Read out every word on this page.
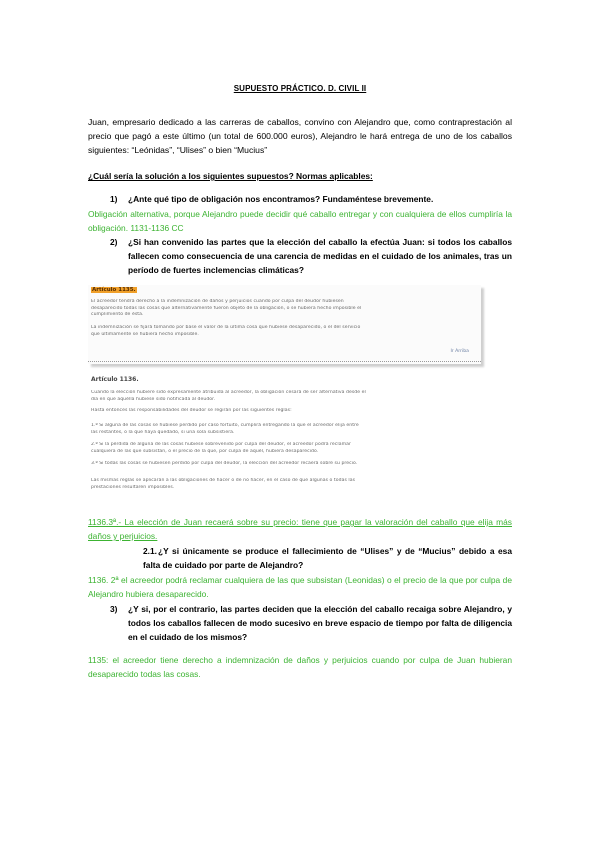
SUPUESTO PRÁCTICO. D. CIVIL II
Juan, empresario dedicado a las carreras de caballos, convino con Alejandro que, como contraprestación al precio que pagó a este último (un total de 600.000 euros), Alejandro le hará entrega de uno de los caballos siguientes: “Leónidas”, “Ulises” o bien “Mucius”
¿Cuál sería la solución a los siguientes supuestos? Normas aplicables:
1)	¿Ante qué tipo de obligación nos encontramos? Fundaméntese brevemente.
Obligación alternativa, porque Alejandro puede decidir qué caballo entregar y con cualquiera de ellos cumpliría la obligación. 1131-1136 CC
2)	¿Si han convenido las partes que la elección del caballo la efectúa Juan: si todos los caballos fallecen como consecuencia de una carencia de medidas en el cuidado de los animales, tras un período de fuertes inclemencias climáticas?
Artículo 1135.
El acreedor tendrá derecho a la indemnización de daños y perjuicios cuando por culpa del deudor hubiesen
desaparecido todas las cosas que alternativamente fueron objeto de la obligación, o se hubiera hecho imposible el
cumplimiento de ésta.
La indemnización se fijará tomando por base el valor de la última cosa que hubiese desaparecido, o el del servicio
que últimamente se hubiera hecho imposible.
Ir Arriba
Artículo 1136.
Cuando la elección hubiere sido expresamente atribuida al acreedor, la obligación cesará de ser alternativa desde el
día en que aquélla hubiese sido notificada al deudor.
Hasta entonces las responsabilidades del deudor se regirán por las siguientes reglas:
1.ª Si alguna de las cosas se hubiese perdido por caso fortuito, cumplirá entregando la que el acreedor elija entre
las restantes, o la que haya quedado, si una sola subsistiera.
2.ª Si la pérdida de alguna de las cosas hubiese sobrevenido por culpa del deudor, el acreedor podrá reclamar
cualquiera de las que subsistan, o el precio de la que, por culpa de aquél, hubiera desaparecido.
3.ª Si todas las cosas se hubiesen perdido por culpa del deudor, la elección del acreedor recaerá sobre su precio.
Las mismas reglas se aplicarán a las obligaciones de hacer o de no hacer, en el caso de que algunas o todas las
prestaciones resultaren imposibles.
1136.3ª.- La elección de Juan recaerá sobre su precio: tiene que pagar la valoración del caballo que elija más daños y perjuicios.
2.1. ¿Y si únicamente se produce el fallecimiento de “Ulises” y de “Mucius” debido a esa falta de cuidado por parte de Alejandro?
1136. 2ª el acreedor podrá reclamar cualquiera de las que subsistan (Leonidas) o el precio de la que por culpa de Alejandro hubiera desaparecido.
3)	¿Y si, por el contrario, las partes deciden que la elección del caballo recaiga sobre Alejandro, y todos los caballos fallecen de modo sucesivo en breve espacio de tiempo por falta de diligencia en el cuidado de los mismos?
1135: el acreedor tiene derecho a indemnización de daños y perjuicios cuando por culpa de Juan hubieran desaparecido todas las cosas.
